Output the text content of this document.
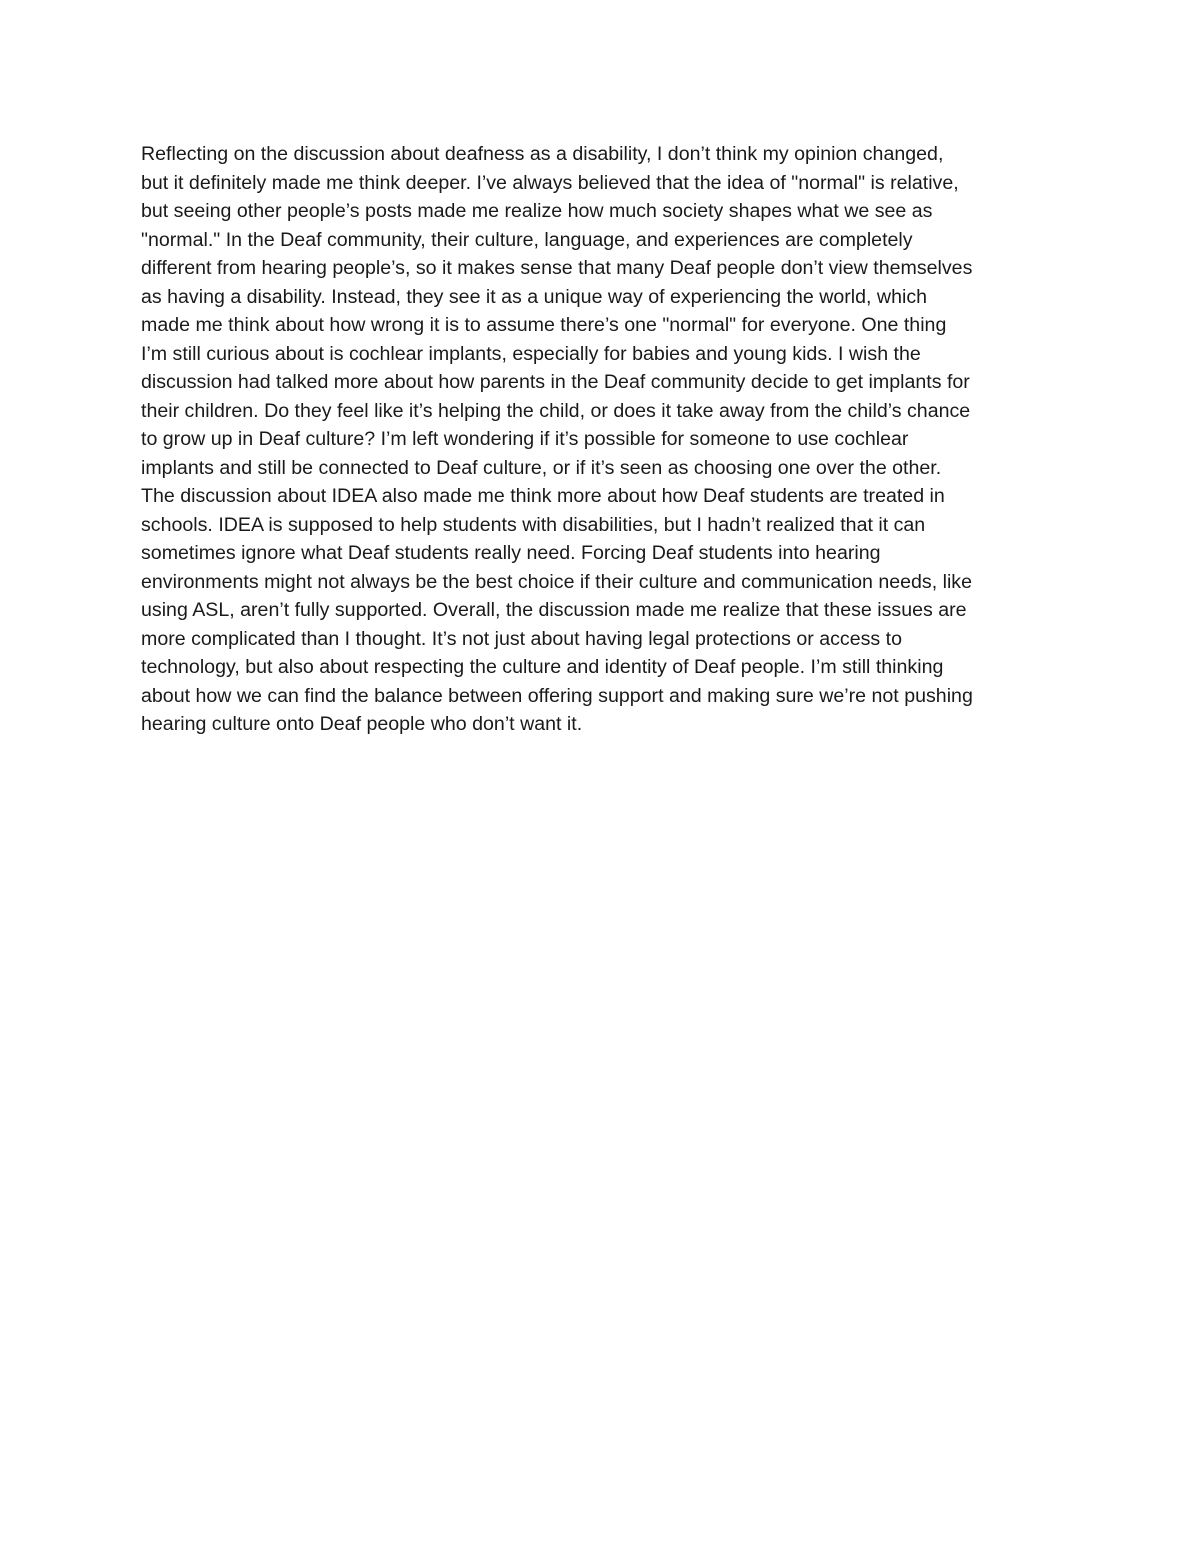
Reflecting on the discussion about deafness as a disability, I don’t think my opinion changed,
but it definitely made me think deeper. I’ve always believed that the idea of "normal" is relative,
but seeing other people’s posts made me realize how much society shapes what we see as
"normal." In the Deaf community, their culture, language, and experiences are completely
different from hearing people’s, so it makes sense that many Deaf people don’t view themselves
as having a disability. Instead, they see it as a unique way of experiencing the world, which
made me think about how wrong it is to assume there’s one "normal" for everyone. One thing
I’m still curious about is cochlear implants, especially for babies and young kids. I wish the
discussion had talked more about how parents in the Deaf community decide to get implants for
their children. Do they feel like it’s helping the child, or does it take away from the child’s chance
to grow up in Deaf culture? I’m left wondering if it’s possible for someone to use cochlear
implants and still be connected to Deaf culture, or if it’s seen as choosing one over the other.
The discussion about IDEA also made me think more about how Deaf students are treated in
schools. IDEA is supposed to help students with disabilities, but I hadn’t realized that it can
sometimes ignore what Deaf students really need. Forcing Deaf students into hearing
environments might not always be the best choice if their culture and communication needs, like
using ASL, aren’t fully supported. Overall, the discussion made me realize that these issues are
more complicated than I thought. It’s not just about having legal protections or access to
technology, but also about respecting the culture and identity of Deaf people. I’m still thinking
about how we can find the balance between offering support and making sure we’re not pushing
hearing culture onto Deaf people who don’t want it.
